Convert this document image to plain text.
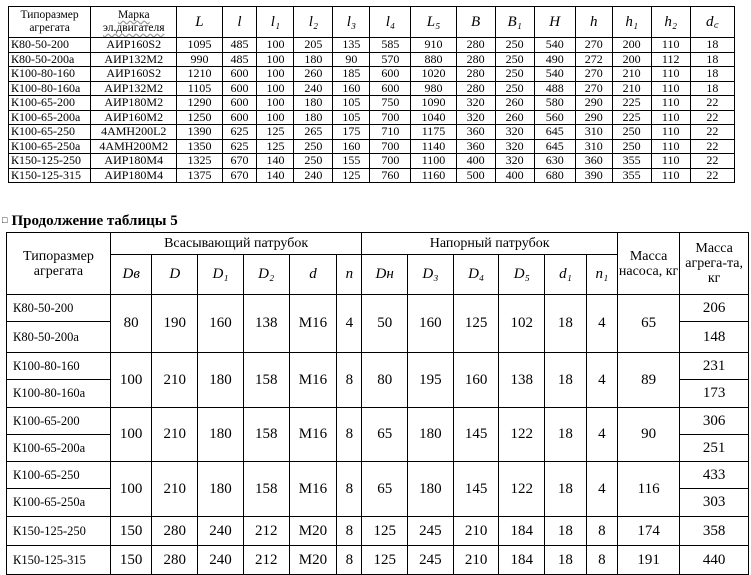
Типоразмер агрегата	Марка эл.двигателя	L	l	l₁	l₂	l₃	l₄	L₅	B	B₁	H	h	h₁	h₂	d꜀
К80-50-200	АИР160S2	1095	485	100	205	135	585	910	280	250	540	270	200	110	18
К80-50-200а	АИР132М2	990	485	100	180	90	570	880	280	250	490	272	200	112	18
К100-80-160	АИР160S2	1210	600	100	260	185	600	1020	280	250	540	270	210	110	18
К100-80-160а	АИР132М2	1105	600	100	240	160	600	980	280	250	488	270	210	110	18
К100-65-200	АИР180М2	1290	600	100	180	105	750	1090	320	260	580	290	225	110	22
К100-65-200а	АИР160М2	1250	600	100	180	105	700	1040	320	260	560	290	225	110	22
К100-65-250	4АМН200L2	1390	625	125	265	175	710	1175	360	320	645	310	250	110	22
К100-65-250а	4АМН200М2	1350	625	125	250	160	700	1140	360	320	645	310	250	110	22
К150-125-250	АИР180М4	1325	670	140	250	155	700	1100	400	320	630	360	355	110	22
К150-125-315	АИР180М4	1375	670	140	240	125	760	1160	500	400	680	390	355	110	22
□ Продолжение таблицы 5
Типоразмер агрегата	Всасывающий патрубок						Напорный патрубок						Масса насоса, кг	Масса агрега-та, кг
	Dв	D	D₁	D₂	d	n	Dн	D₃	D₄	D₅	d₁	n₁		
К80-50-200	80	190	160	138	М16	4	50	160	125	102	18	4	65	206
К80-50-200а														148
К100-80-160	100	210	180	158	М16	8	80	195	160	138	18	4	89	231
К100-80-160а														173
К100-65-200	100	210	180	158	М16	8	65	180	145	122	18	4	90	306
К100-65-200а														251
К100-65-250	100	210	180	158	М16	8	65	180	145	122	18	4	116	433
К100-65-250а														303
К150-125-250	150	280	240	212	М20	8	125	245	210	184	18	8	174	358
К150-125-315	150	280	240	212	М20	8	125	245	210	184	18	8	191	440
